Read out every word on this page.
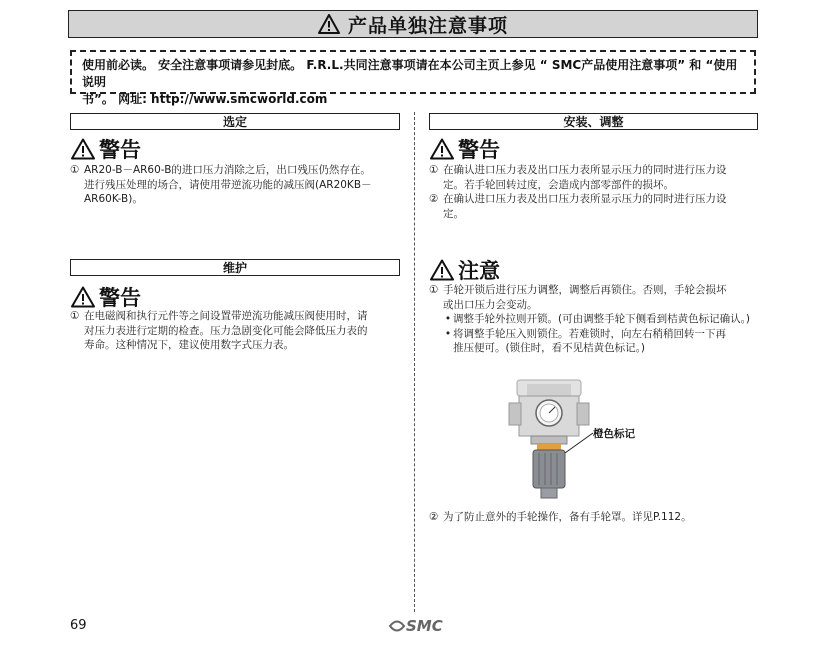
产品单独注意事项
使用前必读。 安全注意事项请参见封底。 F.R.L.共同注意事项请在本公司主页上参见 “ SMC产品使用注意事项” 和 “使用说明
书”。 网址: http://www.smcworld.com
选定
警告
① AR20-B－AR60-B的进口压力消除之后，出口残压仍然存在。
进行残压处理的场合，请使用带逆流功能的减压阀(AR20KB－
AR60K-B)。
维护
警告
① 在电磁阀和执行元件等之间设置带逆流功能减压阀使用时，请
对压力表进行定期的检查。压力急剧变化可能会降低压力表的
寿命。这种情况下，建议使用数字式压力表。
安装、调整
警告
① 在确认进口压力表及出口压力表所显示压力的同时进行压力设
定。若手轮回转过度，会造成内部零部件的损坏。
② 在确认进口压力表及出口压力表所显示压力的同时进行压力设
定。
注意
① 手轮开锁后进行压力调整，调整后再锁住。否则，手轮会损坏
或出口压力会变动。
• 调整手轮外拉则开锁。(可由调整手轮下侧看到桔黄色标记确认。)
• 将调整手轮压入则锁住。若难锁时，向左右稍稍回转一下再
推压便可。(锁住时，看不见桔黄色标记。)
橙色标记
② 为了防止意外的手轮操作，备有手轮罩。详见P.112。
69	SMC
